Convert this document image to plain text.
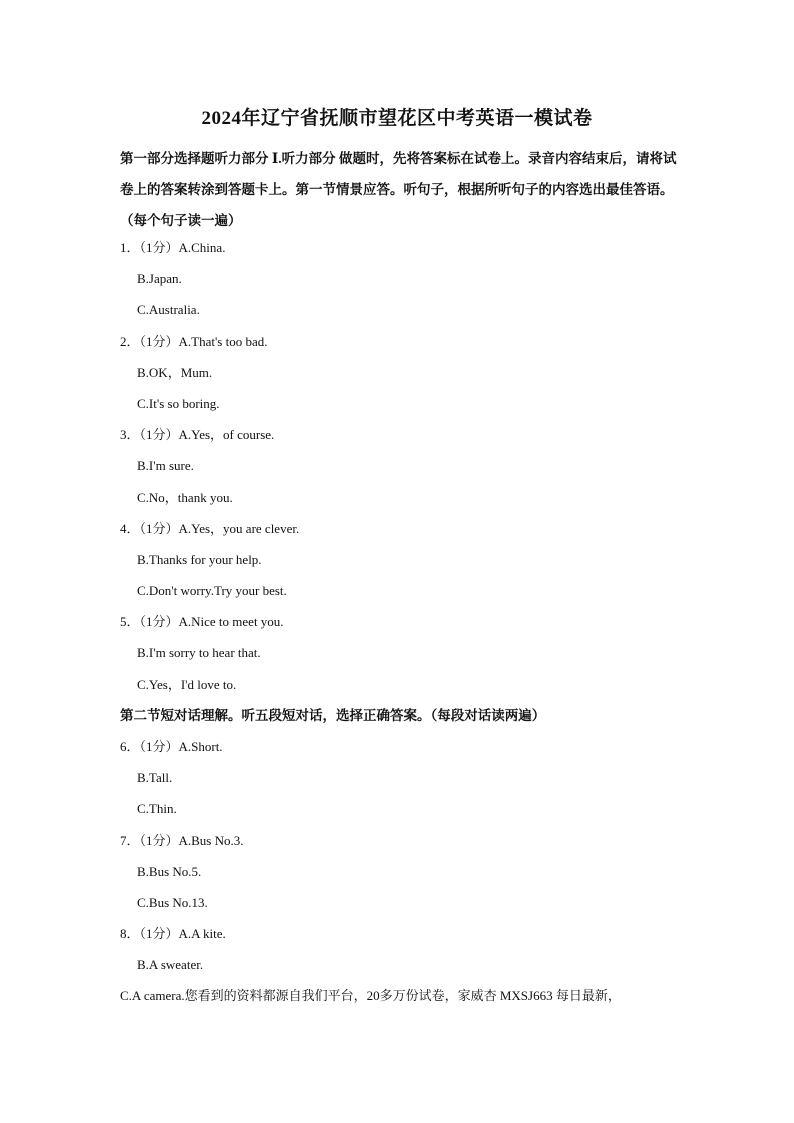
2024年辽宁省抚顺市望花区中考英语一模试卷
第一部分选择题听力部分 Ⅰ.听力部分 做题时，先将答案标在试卷上。录音内容结束后，请将试卷上的答案转涂到答题卡上。第一节情景应答。听句子，根据所听句子的内容选出最佳答语。（每个句子读一遍）
1．（1分）A.China.
B.Japan.
C.Australia.
2．（1分）A.That's too bad.
B.OK，Mum.
C.It's so boring.
3．（1分）A.Yes，of course.
B.I'm sure.
C.No，thank you.
4．（1分）A.Yes，you are clever.
B.Thanks for your help.
C.Don't worry.Try your best.
5．（1分）A.Nice to meet you.
B.I'm sorry to hear that.
C.Yes，I'd love to.
第二节短对话理解。听五段短对话，选择正确答案。（每段对话读两遍）
6．（1分）A.Short.
B.Tall.
C.Thin.
7．（1分）A.Bus No.3.
B.Bus No.5.
C.Bus No.13.
8．（1分）A.A kite.
B.A sweater.
C.A camera.您看到的资料都源自我们平台，20多万份试卷，家威杏 MXSJ663 每日最新，
